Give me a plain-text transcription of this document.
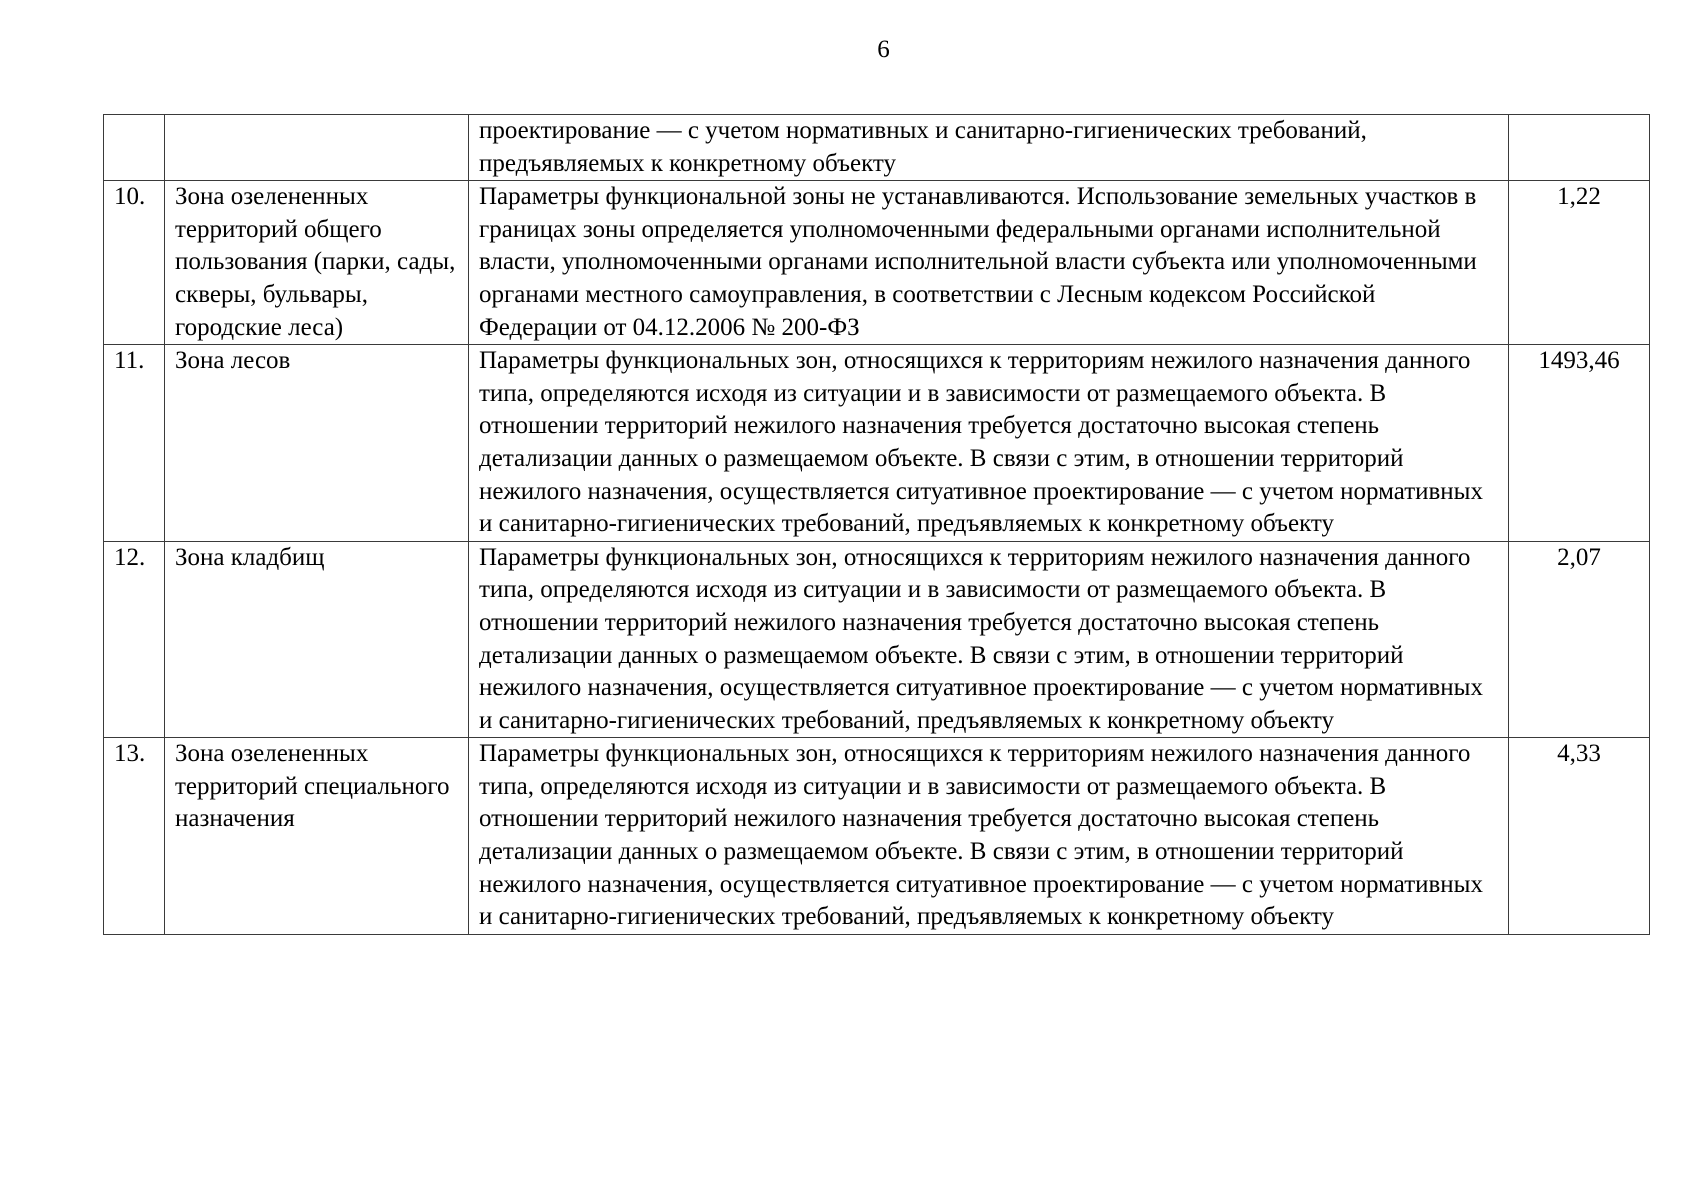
6
		проектирование — с учетом нормативных и санитарно-гигиенических требований, предъявляемых к конкретному объекту	
10.	Зона озелененных территорий общего пользования (парки, сады, скверы, бульвары, городские леса)	Параметры функциональной зоны не устанавливаются. Использование земельных участков в границах зоны определяется уполномоченными федеральными органами исполнительной власти, уполномоченными органами исполнительной власти субъекта или уполномоченными органами местного самоуправления, в соответствии с Лесным кодексом Российской Федерации от 04.12.2006 № 200-ФЗ	1,22
11.	Зона лесов	Параметры функциональных зон, относящихся к территориям нежилого назначения данного типа, определяются исходя из ситуации и в зависимости от размещаемого объекта. В отношении территорий нежилого назначения требуется достаточно высокая степень детализации данных о размещаемом объекте. В связи с этим, в отношении территорий нежилого назначения, осуществляется ситуативное проектирование — с учетом нормативных и санитарно-гигиенических требований, предъявляемых к конкретному объекту	1493,46
12.	Зона кладбищ	Параметры функциональных зон, относящихся к территориям нежилого назначения данного типа, определяются исходя из ситуации и в зависимости от размещаемого объекта. В отношении территорий нежилого назначения требуется достаточно высокая степень детализации данных о размещаемом объекте. В связи с этим, в отношении территорий нежилого назначения, осуществляется ситуативное проектирование — с учетом нормативных и санитарно-гигиенических требований, предъявляемых к конкретному объекту	2,07
13.	Зона озелененных территорий специального назначения	Параметры функциональных зон, относящихся к территориям нежилого назначения данного типа, определяются исходя из ситуации и в зависимости от размещаемого объекта. В отношении территорий нежилого назначения требуется достаточно высокая степень детализации данных о размещаемом объекте. В связи с этим, в отношении территорий нежилого назначения, осуществляется ситуативное проектирование — с учетом нормативных и санитарно-гигиенических требований, предъявляемых к конкретному объекту	4,33
